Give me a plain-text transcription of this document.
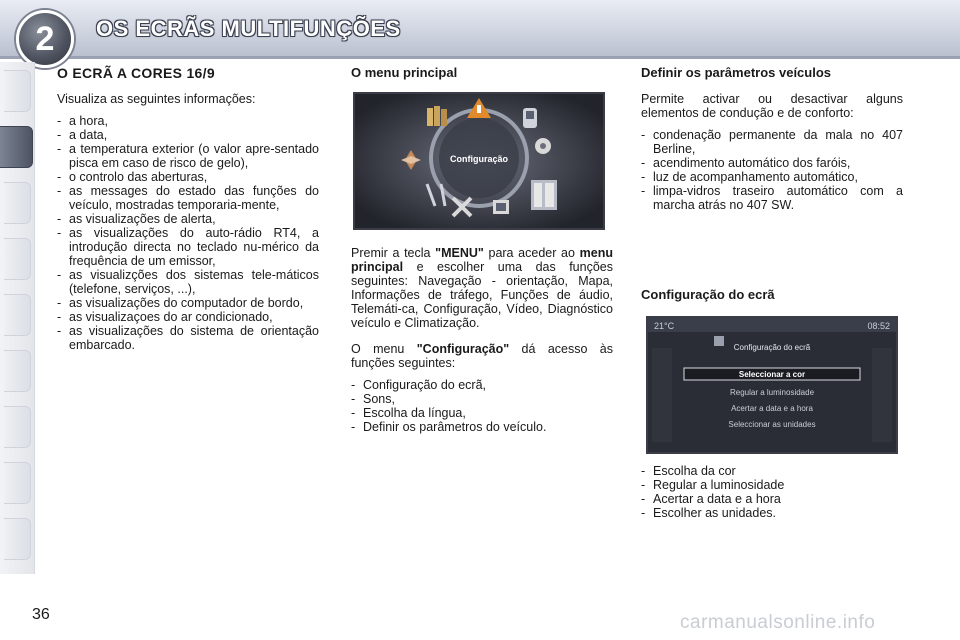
2	OS ECRÃS MULTIFUNÇÕES
O ECRÃ A CORES 16/9

Visualiza as seguintes informações:

- a hora,
- a data,
- a temperatura exterior (o valor apre-sentado pisca em caso de risco de gelo),
- o controlo das aberturas,
- as messages do estado das funções do veículo, mostradas temporaria-mente,
- as visualizações de alerta,
- as visualizações do auto-rádio RT4, a introdução directa no teclado nu-mérico da frequência de um emissor,
- as visualizções dos sistemas tele-máticos (telefone, serviços, ...),
- as visualizações do computador de bordo,
- as visualizaçoes do ar condicionado,
- as visualizações do sistema de orientação embarcado.
O menu principal
Configuração

Premir a tecla "MENU" para aceder ao menu principal e escolher uma das funções seguintes: Navegação - orientação, Mapa, Informações de tráfego, Funções de áudio, Telemáti-ca, Configuração, Vídeo, Diagnóstico veículo e Climatização.

O menu "Configuração" dá acesso às funções seguintes:

- Configuração do ecrã,
- Sons,
- Escolha da língua,
- Definir os parâmetros do veículo.
Definir os parâmetros veículos

Permite activar ou desactivar alguns elementos de condução e de conforto:

- condenação permanente da mala no 407 Berline,
- acendimento automático dos faróis,
- luz de acompanhamento automático,
- limpa-vidros traseiro automático com a marcha atrás no 407 SW.
Configuração do ecrã
21°C	08:52
Configuração do ecrã
Seleccionar a cor
Regular a luminosidade
Acertar a data e a hora
Seleccionar as unidades
- Escolha da cor
- Regular a luminosidade
- Acertar a data e a hora
- Escolher as unidades.
36	carmanualsonline.info
